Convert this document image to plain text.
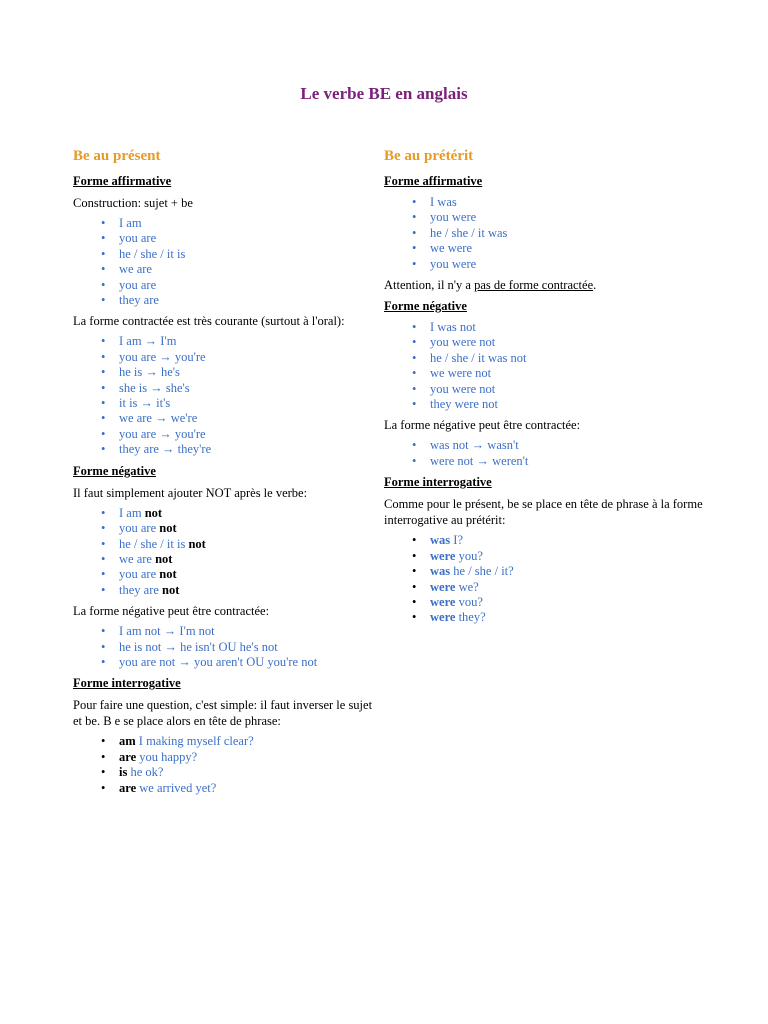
Le verbe BE en anglais
Be au présent
Forme affirmative

Construction: sujet + be

• I am
• you are
• he / she / it is
• we are
• you are
• they are

La forme contractée est très courante (surtout à l'oral):

• I am → I'm
• you are → you're
• he is → he's
• she is → she's
• it is → it's
• we are → we're
• you are → you're
• they are → they're
Forme négative

Il faut simplement ajouter NOT après le verbe:

• I am not
• you are not
• he / she / it is not
• we are not
• you are not
• they are not

La forme négative peut être contractée:

• I am not → I'm not
• he is not → he isn't OU he's not
• you are not → you aren't OU you're not
Forme interrogative

Pour faire une question, c'est simple: il faut inverser le sujet et be. B e se place alors en tête de phrase:

• am I making myself clear?
• are you happy?
• is he ok?
• are we arrived yet?
Be au prétérit
Forme affirmative
• I was
• you were
• he / she / it was
• we were
• you were

Attention, il n'y a pas de forme contractée.

Forme négative
• I was not
• you were not
• he / she / it was not
• we were not
• you were not
• they were not

La forme négative peut être contractée:

• was not → wasn't
• were not → weren't
Forme interrogative

Comme pour le présent, be se place en tête de phrase à la forme interrogative au prétérit:

• was I?
• were you?
• was he / she / it?
• were we?
• were vou?
• were they?
